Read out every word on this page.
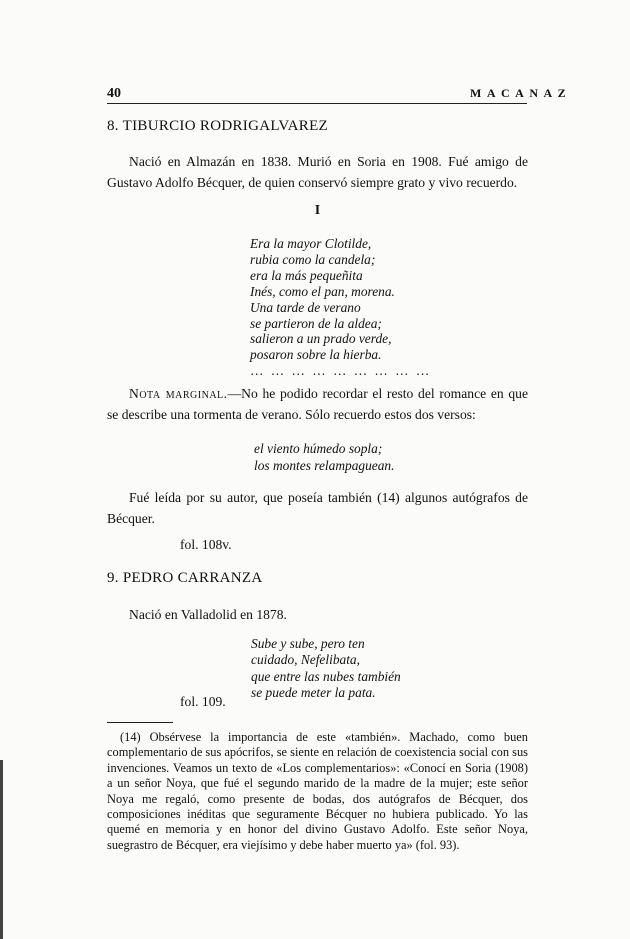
40	MACANAZ
8. TIBURCIO RODRIGALVAREZ

Nació en Almazán en 1838. Murió en Soria en 1908. Fué amigo de Gustavo Adolfo Bécquer, de quien conservó siempre grato y vivo recuerdo.

I
Era la mayor Clotilde,
rubia como la candela;
era la más pequeñita
Inés, como el pan, morena.
Una tarde de verano
se partieron de la aldea;
salieron a un prado verde,
posaron sobre la hierba.
… … … … … … … … …

Nota marginal.—No he podido recordar el resto del romance en que se describe una tormenta de verano. Sólo recuerdo estos dos versos:

el viento húmedo sopla;
los montes relampaguean.

Fué leída por su autor, que poseía también (14) algunos autógrafos de Bécquer.

fol. 108v.
9. PEDRO CARRANZA

Nació en Valladolid en 1878.

Sube y sube, pero ten
cuidado, Nefelibata,
que entre las nubes también
se puede meter la pata.
fol. 109.

(14) Obsérvese la importancia de este «también». Machado, como buen complementario de sus apócrifos, se siente en relación de coexistencia social con sus invenciones. Veamos un texto de «Los complementarios»: «Conocí en Soria (1908) a un señor Noya, que fué el segundo marido de la madre de la mujer; este señor Noya me regaló, como presente de bodas, dos autógrafos de Bécquer, dos composiciones inéditas que seguramente Bécquer no hubiera publicado. Yo las quemé en memoria y en honor del divino Gustavo Adolfo. Este señor Noya, suegrastro de Bécquer, era viejísimo y debe haber muerto ya» (fol. 93).
